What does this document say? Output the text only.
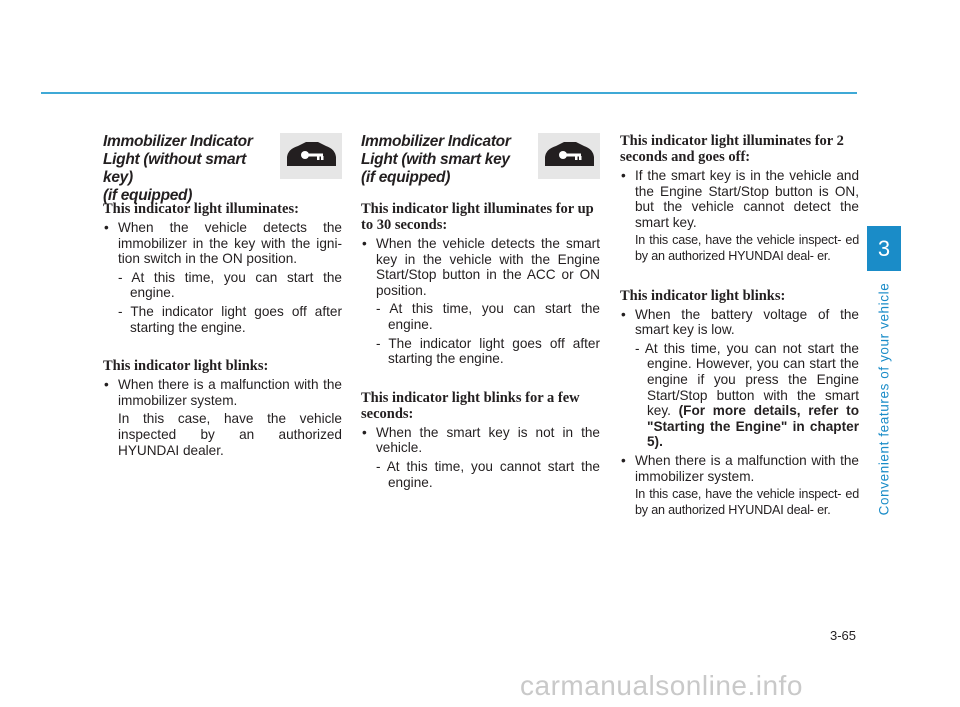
Immobilizer Indicator
Light (without smart key)
(if equipped)
This indicator light illuminates:
• When the vehicle detects the immobilizer in the key with the igni- tion switch in the ON position.
- At this time, you can start the engine.
- The indicator light goes off after starting the engine.
This indicator light blinks:
• When there is a malfunction with the immobilizer system.
In this case, have the vehicle inspected by an authorized HYUNDAI dealer.
Immobilizer Indicator
Light (with smart key
(if equipped)
This indicator light illuminates for up to 30 seconds:
• When the vehicle detects the smart key in the vehicle with the Engine Start/Stop button in the ACC or ON position.
- At this time, you can start the engine.
- The indicator light goes off after starting the engine.
This indicator light blinks for a few seconds:
• When the smart key is not in the vehicle.
- At this time, you cannot start the engine.
This indicator light illuminates for 2 seconds and goes off:
• If the smart key is in the vehicle and the Engine Start/Stop button is ON, but the vehicle cannot detect the smart key.
In this case, have the vehicle inspect- ed by an authorized HYUNDAI deal- er.
This indicator light blinks:
• When the battery voltage of the smart key is low.
- At this time, you can not start the engine. However, you can start the engine if you press the Engine Start/Stop button with the smart key. (For more details, refer to "Starting the Engine" in chapter 5).
• When there is a malfunction with the immobilizer system.
In this case, have the vehicle inspect- ed by an authorized HYUNDAI deal- er.
3
Convenient features of your vehicle
3-65
carmanualsonline.info
